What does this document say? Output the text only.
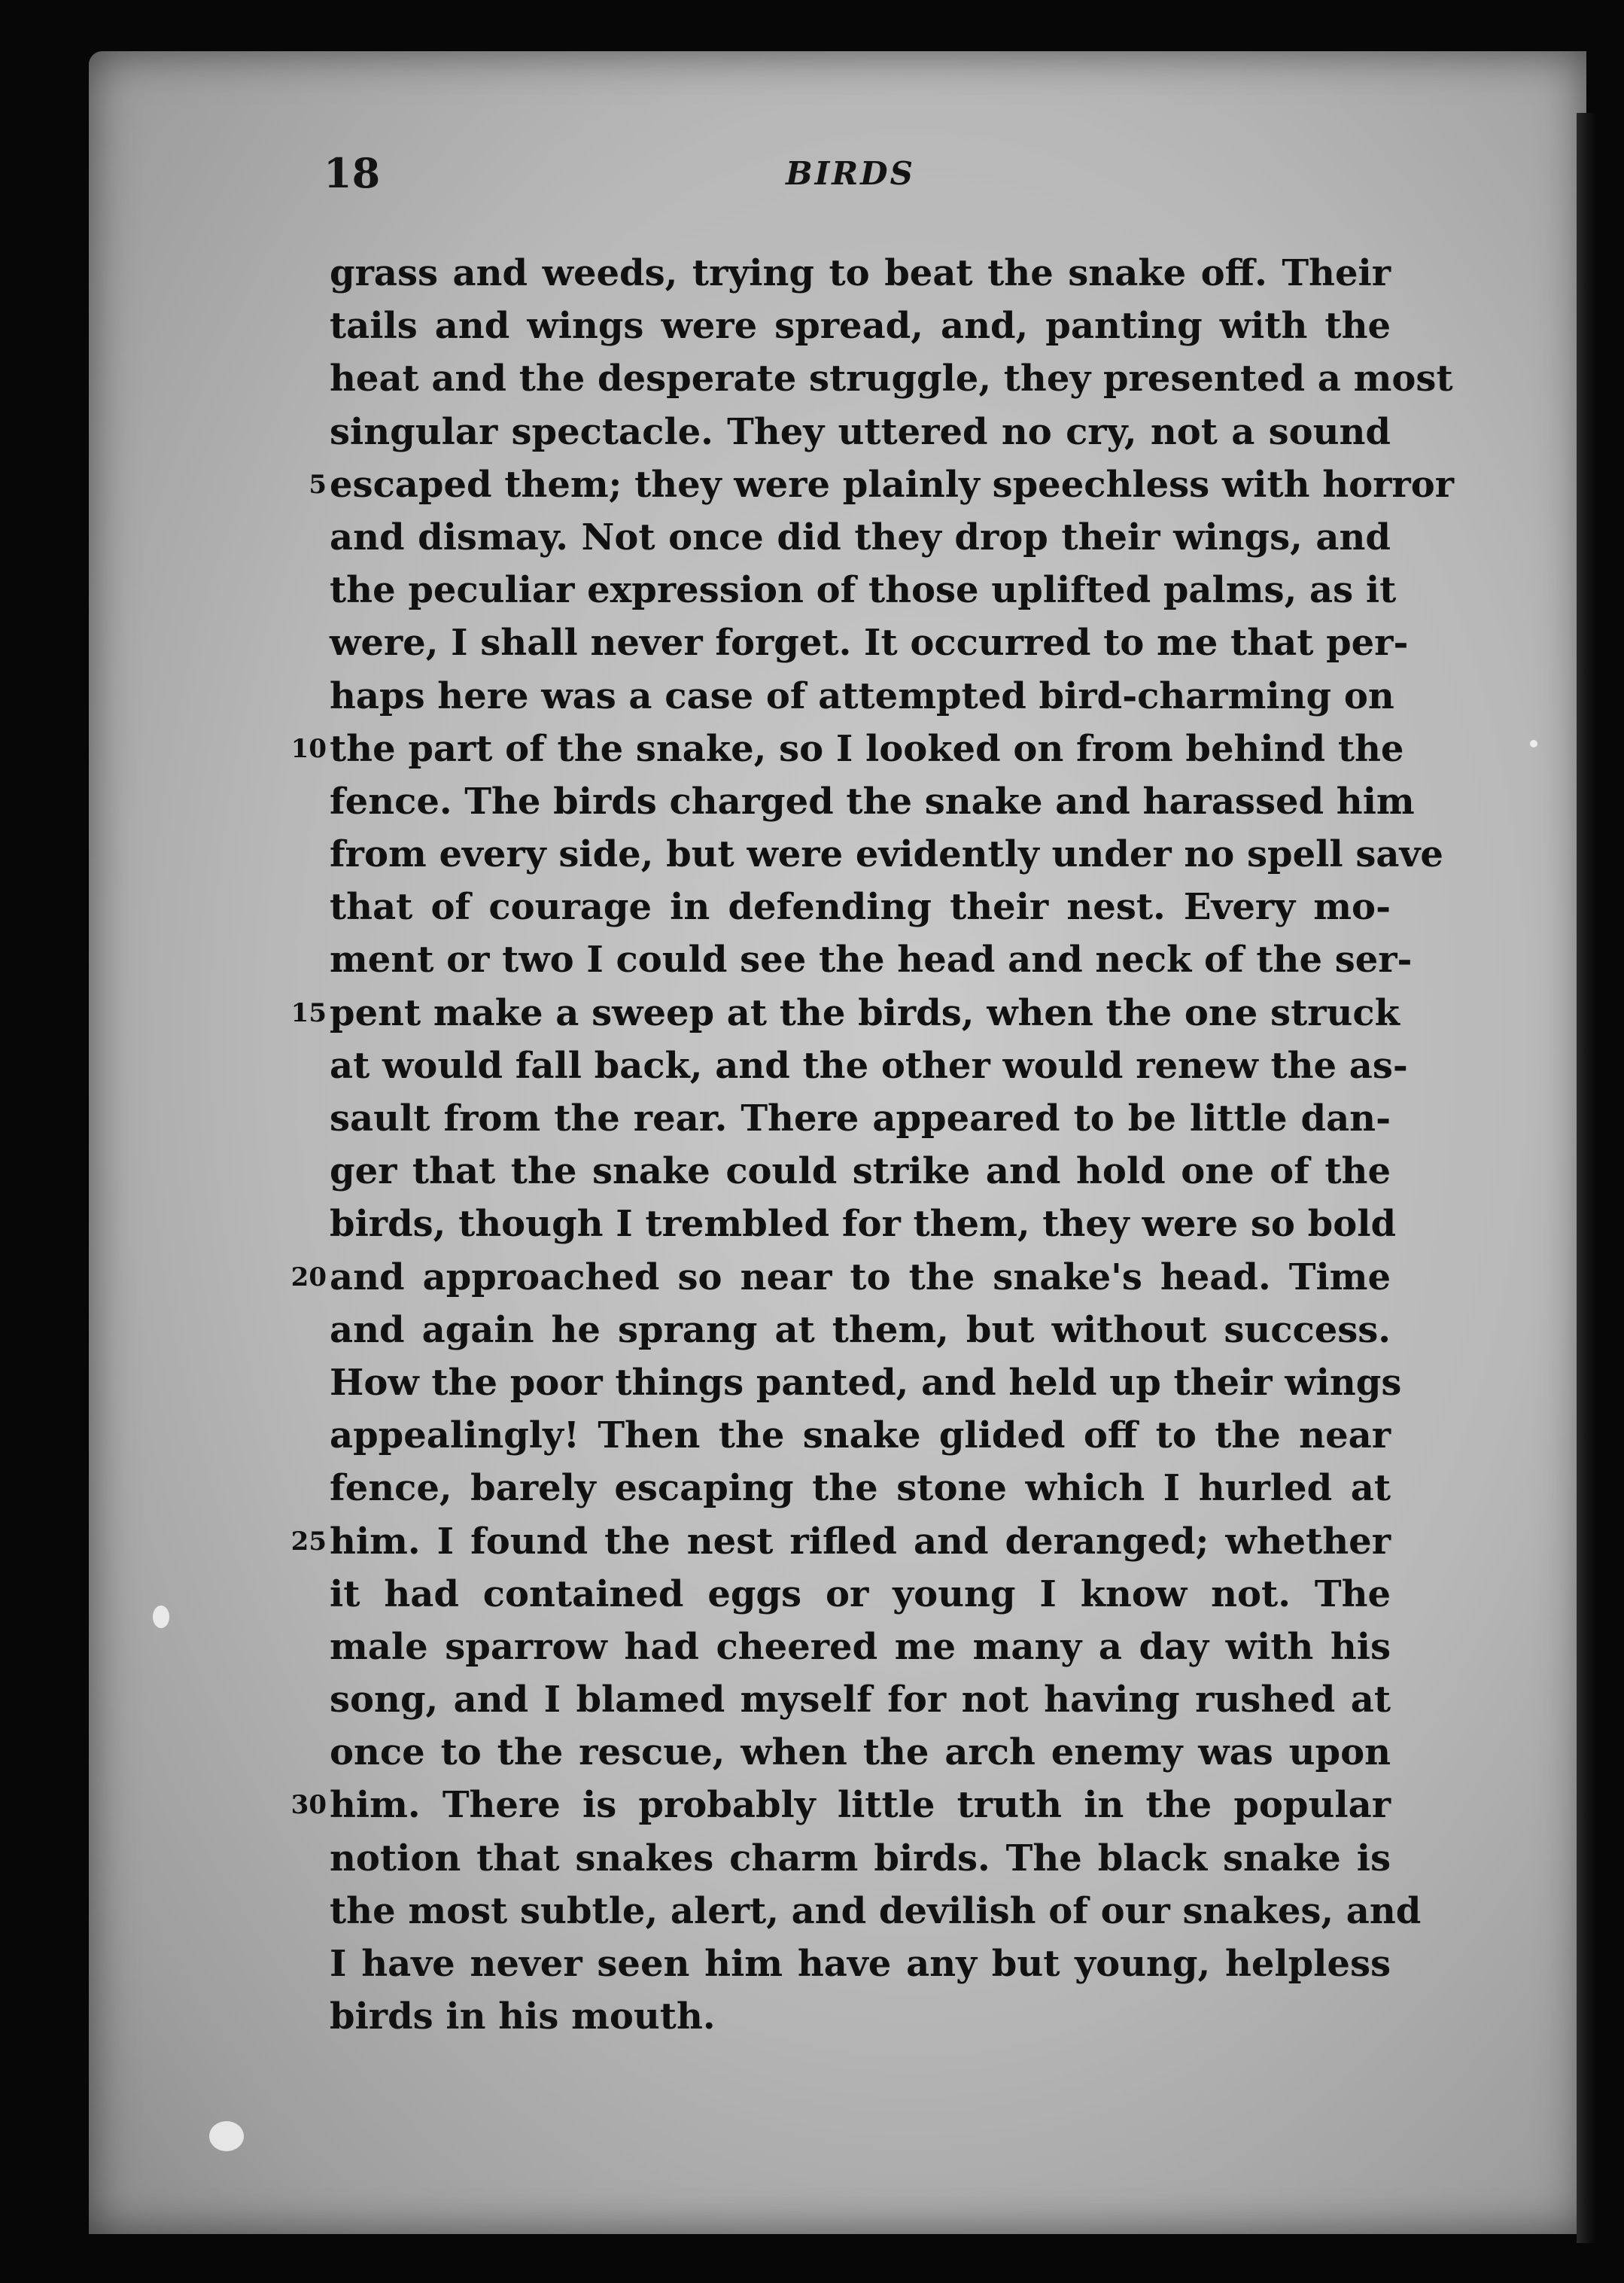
18	BIRDS
grass and weeds, trying to beat the snake off. Their
tails and wings were spread, and, panting with the
heat and the desperate struggle, they presented a most
singular spectacle. They uttered no cry, not a sound
5 escaped them; they were plainly speechless with horror
and dismay. Not once did they drop their wings, and
the peculiar expression of those uplifted palms, as it
were, I shall never forget. It occurred to me that per-
haps here was a case of attempted bird-charming on
10 the part of the snake, so I looked on from behind the
fence. The birds charged the snake and harassed him
from every side, but were evidently under no spell save
that of courage in defending their nest. Every mo-
ment or two I could see the head and neck of the ser-
15 pent make a sweep at the birds, when the one struck
at would fall back, and the other would renew the as-
sault from the rear. There appeared to be little dan-
ger that the snake could strike and hold one of the
birds, though I trembled for them, they were so bold
20 and approached so near to the snake's head. Time
and again he sprang at them, but without success.
How the poor things panted, and held up their wings
appealingly! Then the snake glided off to the near
fence, barely escaping the stone which I hurled at
25 him. I found the nest rifled and deranged; whether
it had contained eggs or young I know not. The
male sparrow had cheered me many a day with his
song, and I blamed myself for not having rushed at
once to the rescue, when the arch enemy was upon
30 him. There is probably little truth in the popular
notion that snakes charm birds. The black snake is
the most subtle, alert, and devilish of our snakes, and
I have never seen him have any but young, helpless
birds in his mouth.
